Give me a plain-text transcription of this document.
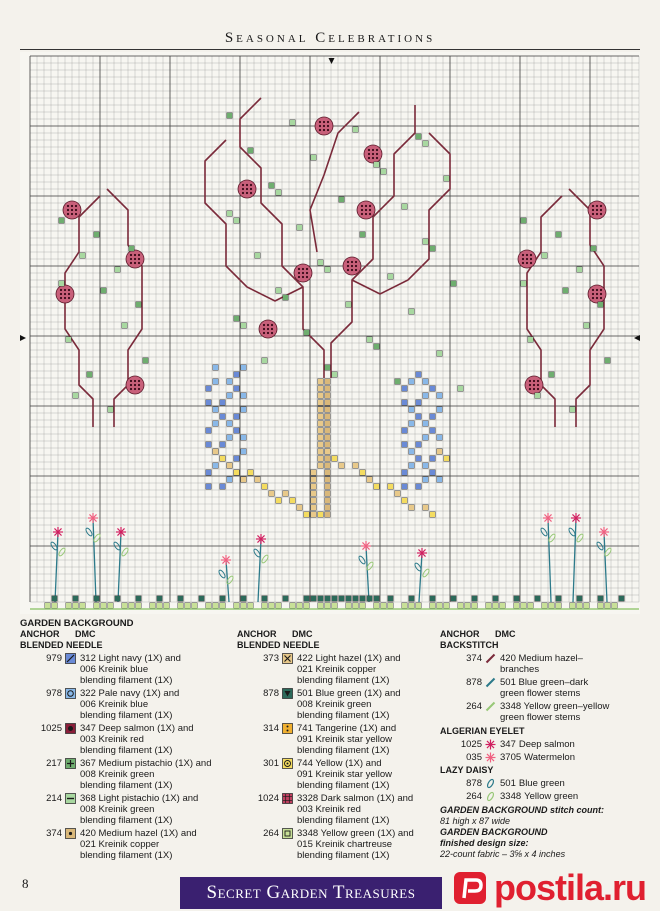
Seasonal Celebrations
GARDEN BACKGROUND
ANCHOR	DMC
BLENDED NEEDLE
979 312 Light navy (1X) and
006 Kreinik blue
blending filament (1X)
978 322 Pale navy (1X) and
006 Kreinik blue
blending filament (1X)
1025 347 Deep salmon (1X) and
003 Kreinik red
blending filament (1X)
217 367 Medium pistachio (1X) and
008 Kreinik green
blending filament (1X)
214 368 Light pistachio (1X) and
008 Kreinik green
blending filament (1X)
374 420 Medium hazel (1X) and
021 Kreinik copper
blending filament (1X)
ANCHOR	DMC
BLENDED NEEDLE
373 422 Light hazel (1X) and
021 Kreinik copper
blending filament (1X)
878 501 Blue green (1X) and
008 Kreinik green
blending filament (1X)
314 741 Tangerine (1X) and
091 Kreinik star yellow
blending filament (1X)
301 744 Yellow (1X) and
091 Kreinik star yellow
blending filament (1X)
1024 3328 Dark salmon (1X) and
003 Kreinik red
blending filament (1X)
264 3348 Yellow green (1X) and
015 Kreinik chartreuse
blending filament (1X)
ANCHOR	DMC
BACKSTITCH
374 420 Medium hazel–
branches
878 501 Blue green–dark
green flower stems
264 3348 Yellow green–yellow
green flower stems
ALGERIAN EYELET
1025 347 Deep salmon
035 3705 Watermelon
LAZY DAISY
878 501 Blue green
264 3348 Yellow green
GARDEN BACKGROUND stitch count:
81 high x 87 wide
GARDEN BACKGROUND
finished design size:
22-count fabric – 3⅝ x 4 inches
8	Secret Garden Treasures	postila.ru
